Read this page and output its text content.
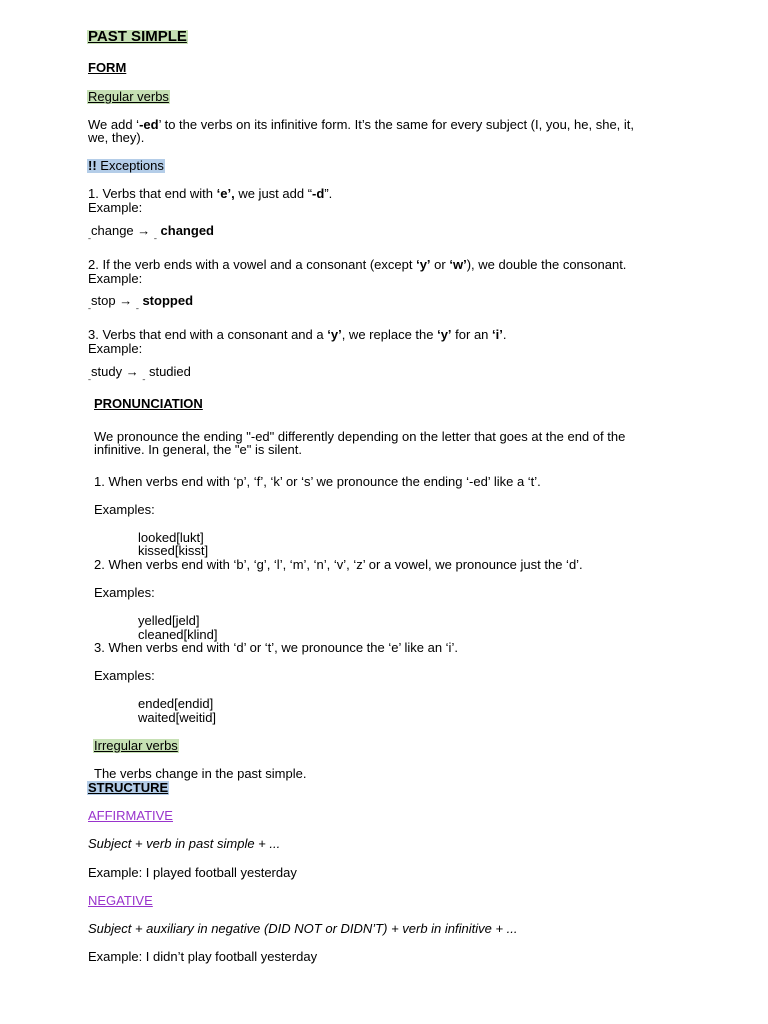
PAST SIMPLE
FORM
Regular verbs
We add ‘-ed’ to the verbs on its infinitive form. It’s the same for every subject (I, you, he, she, it,
we, they).
!! Exceptions
1. Verbs that end with ‘e’, we just add “-d”.
Example:
$_ˍ$change → $_ˍ$ changed
2. If the verb ends with a vowel and a consonant (except ‘y’ or ‘w’), we double the consonant.
Example:
$_ˍ$stop → $_ˍ$ stopped
3. Verbs that end with a consonant and a ‘y’, we replace the ‘y’ for an ‘i’.
Example:
$_ˍ$study → $_ˍ$ studied
PRONUNCIATION
We pronounce the ending "-ed" differently depending on the letter that goes at the end of the
infinitive. In general, the "e" is silent.
1. When verbs end with ‘p’, ‘f’, ‘k’ or ‘s’ we pronounce the ending ‘-ed’ like a ‘t’.
Examples:
looked[lukt]
kissed[kisst]
2. When verbs end with ‘b’, ‘g’, ‘l’, ‘m’, ‘n’, ‘v’, ‘z’ or a vowel, we pronounce just the ‘d’.
Examples:
yelled[jeld]
cleaned[klind]
3. When verbs end with ‘d’ or ‘t’, we pronounce the ‘e’ like an ‘i’.
Examples:
ended[endid]
waited[weitid]
Irregular verbs
The verbs change in the past simple.
STRUCTURE
AFFIRMATIVE
Subject + verb in past simple + ...
Example: I played football yesterday
NEGATIVE
Subject + auxiliary in negative (DID NOT or DIDN’T) + verb in infinitive + ...
Example: I didn’t play football yesterday
